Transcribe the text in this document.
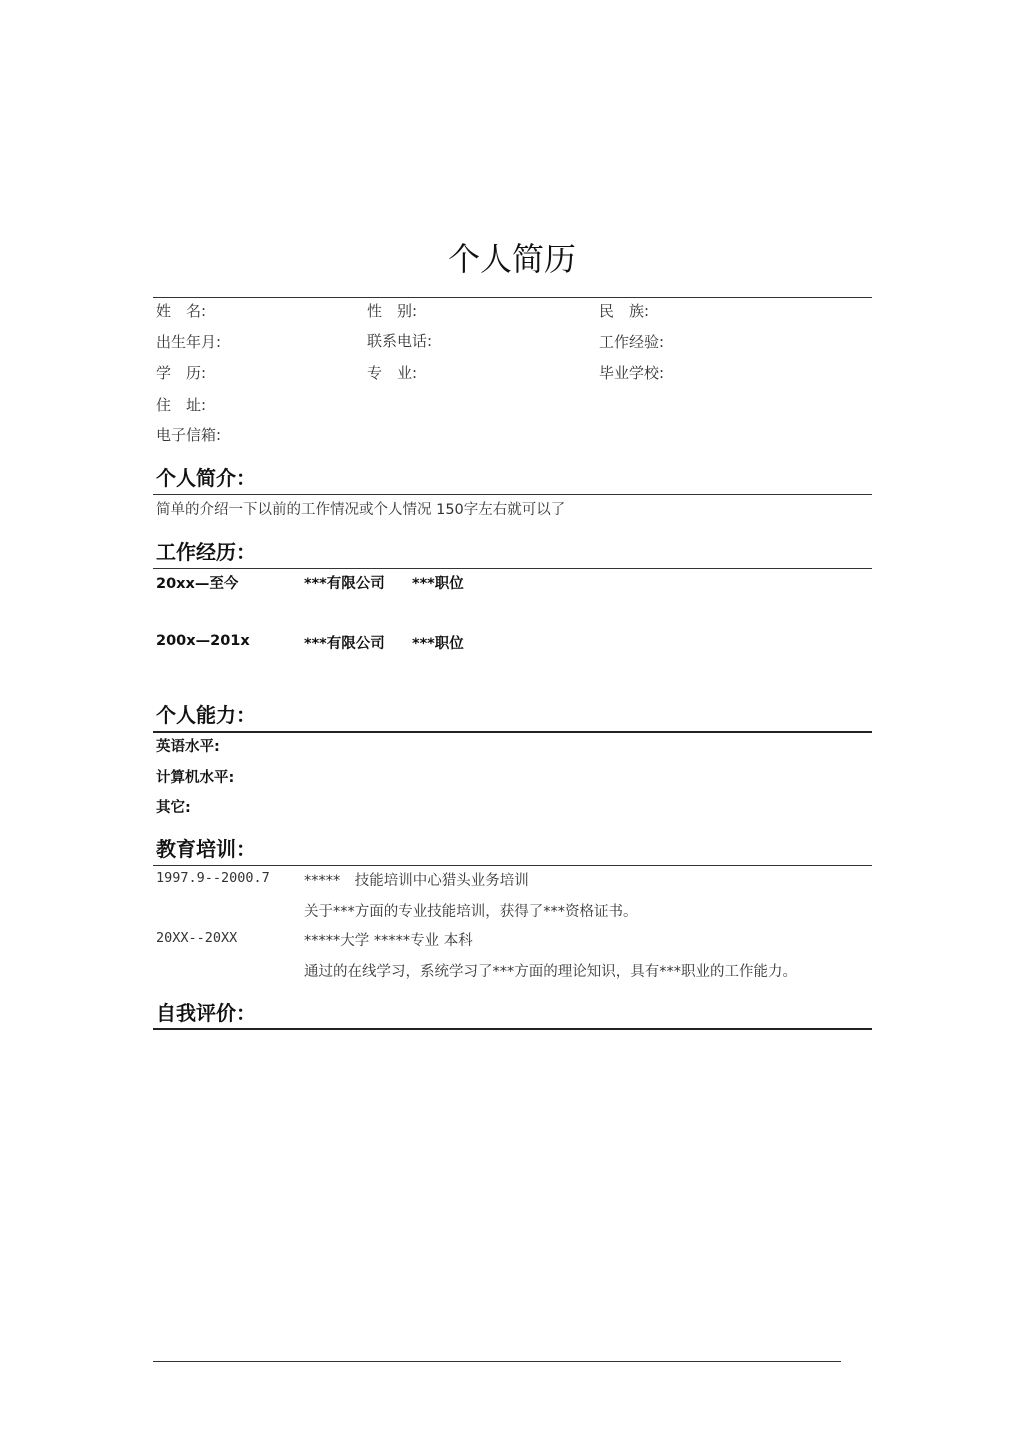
个人简历
姓　名:	性　别:	民　族:
出生年月:	联系电话:	工作经验:
学　历:	专　业:	毕业学校:
住　址:
电子信箱:
个人简介：
简单的介绍一下以前的工作情况或个人情况 150字左右就可以了
工作经历：
20xx—至今	***有限公司 ***职位
200x—201x	***有限公司 ***职位
个人能力：
英语水平:
计算机水平:
其它:
教育培训：
1997.9--2000.7 *****　技能培训中心猎头业务培训
关于***方面的专业技能培训，获得了***资格证书。
20XX--20XX	*****大学 *****专业 本科
通过的在线学习，系统学习了***方面的理论知识，具有***职业的工作能力。
自我评价：
